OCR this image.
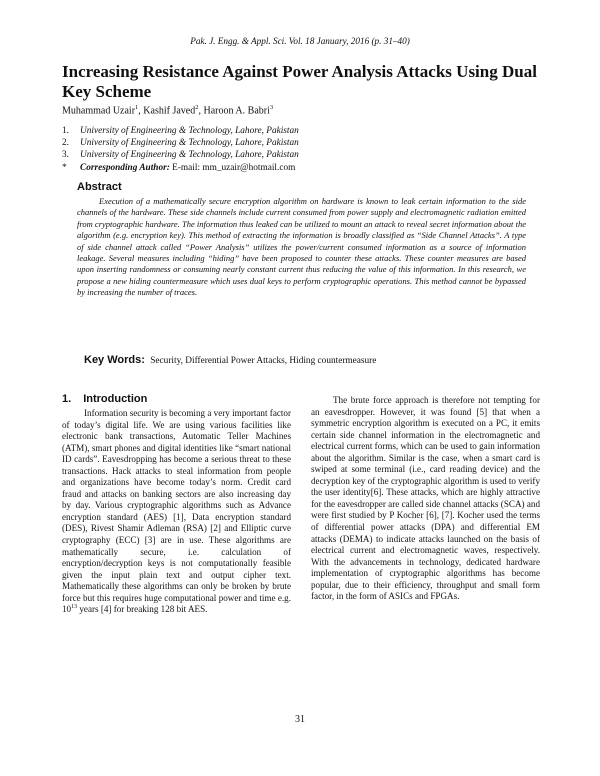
Pak. J. Engg. & Appl. Sci. Vol. 18 January, 2016 (p. 31–40)
Increasing Resistance Against Power Analysis Attacks Using Dual Key Scheme
Muhammad Uzair$^1$, Kashif Javed$^2$, Haroon A. Babri$^3$
1. University of Engineering & Technology, Lahore, Pakistan
2. University of Engineering & Technology, Lahore, Pakistan
3. University of Engineering & Technology, Lahore, Pakistan
* Corresponding Author: E-mail: mm_uzair@hotmail.com
Abstract
Execution of a mathematically secure encryption algorithm on hardware is known to leak certain information to the side channels of the hardware. These side channels include current consumed from power supply and electromagnetic radiation emitted from cryptographic hardware. The information thus leaked can be utilized to mount an attack to reveal secret information about the algorithm (e.g. encryption key). This method of extracting the information is broadly classified as “Side Channel Attacks”. A type of side channel attack called “Power Analysis” utilizes the power/current consumed information as a source of information leakage. Several measures including “hiding” have been proposed to counter these attacks. These counter measures are based upon inserting randomness or consuming nearly constant current thus reducing the value of this information. In this research, we propose a new hiding countermeasure which uses dual keys to perform cryptographic operations. This method cannot be bypassed by increasing the number of traces.
Key Words: Security, Differential Power Attacks, Hiding countermeasure
1. Introduction
Information security is becoming a very important factor of today’s digital life. We are using various facilities like electronic bank transactions, Automatic Teller Machines (ATM), smart phones and digital identities like “smart national ID cards”. Eavesdropping has become a serious threat to these transactions. Hack attacks to steal information from people and organizations have become today’s norm. Credit card fraud and attacks on banking sectors are also increasing day by day. Various cryptographic algorithms such as Advance encryption standard (AES) [1], Data encryption standard (DES), Rivest Shamir Adleman (RSA) [2] and Elliptic curve cryptography (ECC) [3] are in use. These algorithms are mathematically secure, i.e. calculation of encryption/decryption keys is not computationally feasible given the input plain text and output cipher text. Mathematically these algorithms can only be broken by brute force but this requires huge computational power and time e.g. $10^{13}$ years [4] for breaking 128 bit AES.
The brute force approach is therefore not tempting for an eavesdropper. However, it was found [5] that when a symmetric encryption algorithm is executed on a PC, it emits certain side channel information in the electromagnetic and electrical current forms, which can be used to gain information about the algorithm. Similar is the case, when a smart card is swiped at some terminal (i.e., card reading device) and the decryption key of the cryptographic algorithm is used to verify the user identity[6]. These attacks, which are highly attractive for the eavesdropper are called side channel attacks (SCA) and were first studied by P Kocher [6], [7]. Kocher used the terms of differential power attacks (DPA) and differential EM attacks (DEMA) to indicate attacks launched on the basis of electrical current and electromagnetic waves, respectively. With the advancements in technology, dedicated hardware implementation of cryptographic algorithms has become popular, due to their efficiency, throughput and small form factor, in the form of ASICs and FPGAs.
31
